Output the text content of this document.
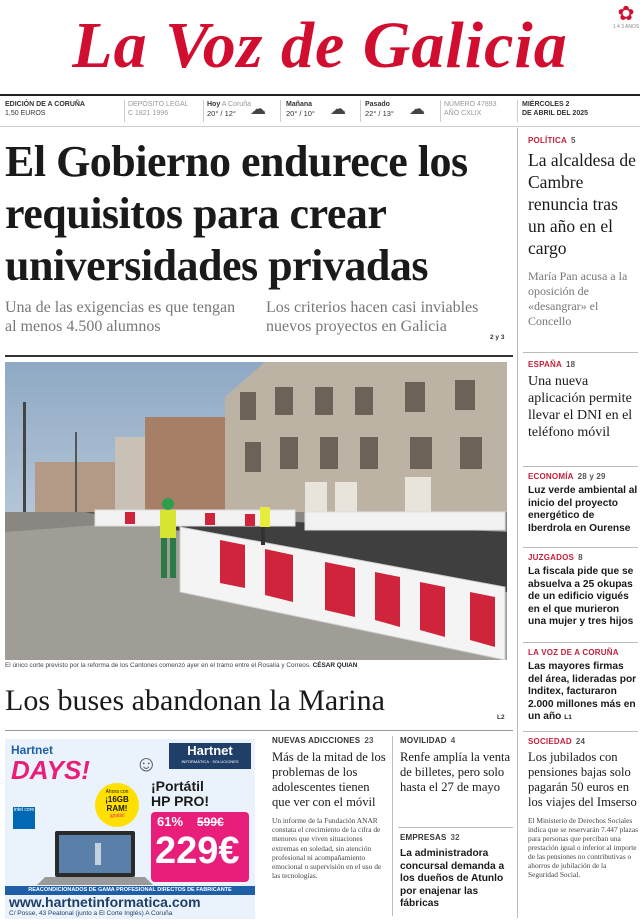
La Voz de Galicia	✿
1 4 3 ANOS
EDICIÓN DE A CORUÑA
1,50 EUROS
DEPÓSITO LEGAL
C 1821 1996
Hoy A Coruña
20° / 12° ☁	Mañana
20° / 10° ☁	Pasado
22° / 13° ☁	NÚMERO 47893
AÑO CXLIX
MIÉRCOLES 2
DE ABRIL DEL 2025
El Gobierno endurece los requisitos para crear universidades privadas
Una de las exigencias es que tengan al menos 4.500 alumnos
Los criterios hacen casi inviables nuevos proyectos en Galicia
2 y 3
El único corte previsto por la reforma de los Cantones comenzó ayer en el tramo entre el Rosalía y Correos. CÉSAR QUIAN
Los buses abandonan la Marina
L2
POLÍTICA 5
La alcaldesa de Cambre renuncia tras un año en el cargo
María Pan acusa a la oposición de «desangrar» el Concello
ESPAÑA 18
Una nueva aplicación permite llevar el DNI en el teléfono móvil
ECONOMÍA 28 y 29
Luz verde ambiental al inicio del proyecto energético de Iberdrola en Ourense
JUZGADOS 8
La fiscala pide que se absuelva a 25 okupas de un edificio vigués en el que murieron una mujer y tres hijos
LA VOZ DE A CORUÑA
Las mayores firmas del área, lideradas por Inditex, facturaron 2.000 millones más en un año L1
SOCIEDAD 24
Los jubilados con pensiones bajas solo pagarán 50 euros en los viajes del Imserso
El Ministerio de Derechos Sociales indica que se reservarán 7.447 plazas para personas que perciban una prestación igual o inferior al importe de las pensiones no contributivas o ahorros de jubilación de la Seguridad Social.
NUEVAS ADICCIONES 23
Más de la mitad de los problemas de los adolescentes tienen que ver con el móvil
Un informe de la Fundación ANAR constata el crecimiento de la cifra de menores que viven situaciones extremas en soledad, sin atención profesional ni acompañamiento emocional o supervisión en el uso de las tecnologías.
MOVILIDAD 4
Renfe amplía la venta de billetes, pero solo hasta el 27 de mayo
EMPRESAS 32
La administradora concursal demanda a los dueños de Atunlo por enajenar las fábricas
Hartnet
DAYS!
Hartnet
INFORMÁTICA · SOLUCIONES
☺
Ahora con
¡16GB RAM!
¡gratis!
¡Portátil
HP PRO!
61% 599€
229€
intel core
REACONDICIONADOS DE GAMA PROFESIONAL DIRECTOS DE FABRICANTE
www.hartnetinformatica.com
C/ Posse, 43 Peatonal (junto a El Corte Inglés) A Coruña
